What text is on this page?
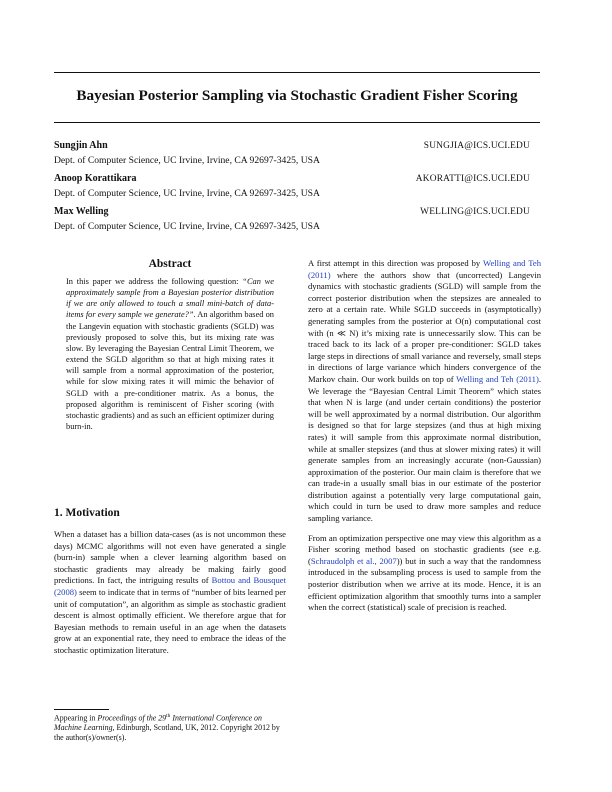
Bayesian Posterior Sampling via Stochastic Gradient Fisher Scoring
Sungjin Ahn	SUNGJIA@ICS.UCI.EDU
Dept. of Computer Science, UC Irvine, Irvine, CA 92697-3425, USA
Anoop Korattikara	AKORATTI@ICS.UCI.EDU
Dept. of Computer Science, UC Irvine, Irvine, CA 92697-3425, USA
Max Welling	WELLING@ICS.UCI.EDU
Dept. of Computer Science, UC Irvine, Irvine, CA 92697-3425, USA
Abstract
In this paper we address the following question: “Can we approximately sample from a Bayesian posterior distribution if we are only allowed to touch a small mini-batch of data-items for every sample we generate?”. An algorithm based on the Langevin equation with stochastic gradients (SGLD) was previously proposed to solve this, but its mixing rate was slow. By leveraging the Bayesian Central Limit Theorem, we extend the SGLD algorithm so that at high mixing rates it will sample from a normal approximation of the posterior, while for slow mixing rates it will mimic the behavior of SGLD with a pre-conditioner matrix. As a bonus, the proposed algorithm is reminiscent of Fisher scoring (with stochastic gradients) and as such an efficient optimizer during burn-in.
1. Motivation
When a dataset has a billion data-cases (as is not uncommon these days) MCMC algorithms will not even have generated a single (burn-in) sample when a clever learning algorithm based on stochastic gradients may already be making fairly good predictions. In fact, the intriguing results of Bottou and Bousquet (2008) seem to indicate that in terms of “number of bits learned per unit of computation”, an algorithm as simple as stochastic gradient descent is almost optimally efficient. We therefore argue that for Bayesian methods to remain useful in an age when the datasets grow at an exponential rate, they need to embrace the ideas of the stochastic optimization literature.
Appearing in Proceedings of the 29th International Conference on Machine Learning, Edinburgh, Scotland, UK, 2012. Copyright 2012 by the author(s)/owner(s).

A first attempt in this direction was proposed by Welling and Teh (2011) where the authors show that (uncorrected) Langevin dynamics with stochastic gradients (SGLD) will sample from the correct posterior distribution when the stepsizes are annealed to zero at a certain rate. While SGLD succeeds in (asymptotically) generating samples from the posterior at O(n) computational cost with (n ≪ N) it’s mixing rate is unnecessarily slow. This can be traced back to its lack of a proper pre-conditioner: SGLD takes large steps in directions of small variance and reversely, small steps in directions of large variance which hinders convergence of the Markov chain. Our work builds on top of Welling and Teh (2011). We leverage the “Bayesian Central Limit Theorem” which states that when N is large (and under certain conditions) the posterior will be well approximated by a normal distribution. Our algorithm is designed so that for large stepsizes (and thus at high mixing rates) it will sample from this approximate normal distribution, while at smaller stepsizes (and thus at slower mixing rates) it will generate samples from an increasingly accurate (non-Gaussian) approximation of the posterior. Our main claim is therefore that we can trade-in a usually small bias in our estimate of the posterior distribution against a potentially very large computational gain, which could in turn be used to draw more samples and reduce sampling variance.

From an optimization perspective one may view this algorithm as a Fisher scoring method based on stochastic gradients (see e.g. (Schraudolph et al., 2007)) but in such a way that the randomness introduced in the subsampling process is used to sample from the posterior distribution when we arrive at its mode. Hence, it is an efficient optimization algorithm that smoothly turns into a sampler when the correct (statistical) scale of precision is reached.
